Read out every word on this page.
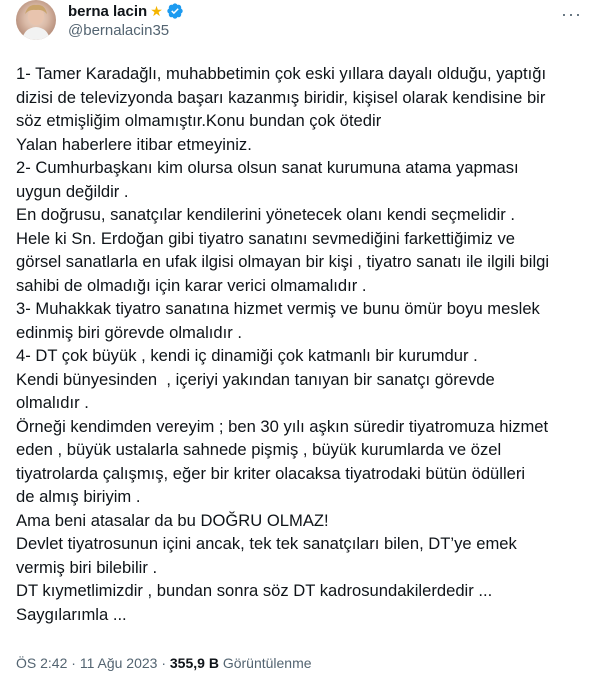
berna lacin ★
@bernalacin35
···
1- Tamer Karadağlı, muhabbetimin çok eski yıllara dayalı olduğu, yaptığı
dizisi de televizyonda başarı kazanmış biridir, kişisel olarak kendisine bir
söz etmişliğim olmamıştır.Konu bundan çok ötedir
Yalan haberlere itibar etmeyiniz.
2- Cumhurbaşkanı kim olursa olsun sanat kurumuna atama yapması
uygun değildir .
En doğrusu, sanatçılar kendilerini yönetecek olanı kendi seçmelidir .
Hele ki Sn. Erdoğan gibi tiyatro sanatını sevmediğini farkettiğimiz ve
görsel sanatlarla en ufak ilgisi olmayan bir kişi , tiyatro sanatı ile ilgili bilgi
sahibi de olmadığı için karar verici olmamalıdır .
3- Muhakkak tiyatro sanatına hizmet vermiş ve bunu ömür boyu meslek
edinmiş biri görevde olmalıdır .
4- DT çok büyük , kendi iç dinamiği çok katmanlı bir kurumdur .
Kendi bünyesinden  , içeriyi yakından tanıyan bir sanatçı görevde
olmalıdır .
Örneği kendimden vereyim ; ben 30 yılı aşkın süredir tiyatromuza hizmet
eden , büyük ustalarla sahnede pişmiş , büyük kurumlarda ve özel
tiyatrolarda çalışmış, eğer bir kriter olacaksa tiyatrodaki bütün ödülleri
de almış biriyim .
Ama beni atasalar da bu DOĞRU OLMAZ!
Devlet tiyatrosunun içini ancak, tek tek sanatçıları bilen, DT’ye emek
vermiş biri bilebilir .
DT kıymetlimizdir , bundan sonra söz DT kadrosundakilerdedir ...
Saygılarımla ...
ÖS 2:42 · 11 Ağu 2023 · 355,9 B Görüntülenme
